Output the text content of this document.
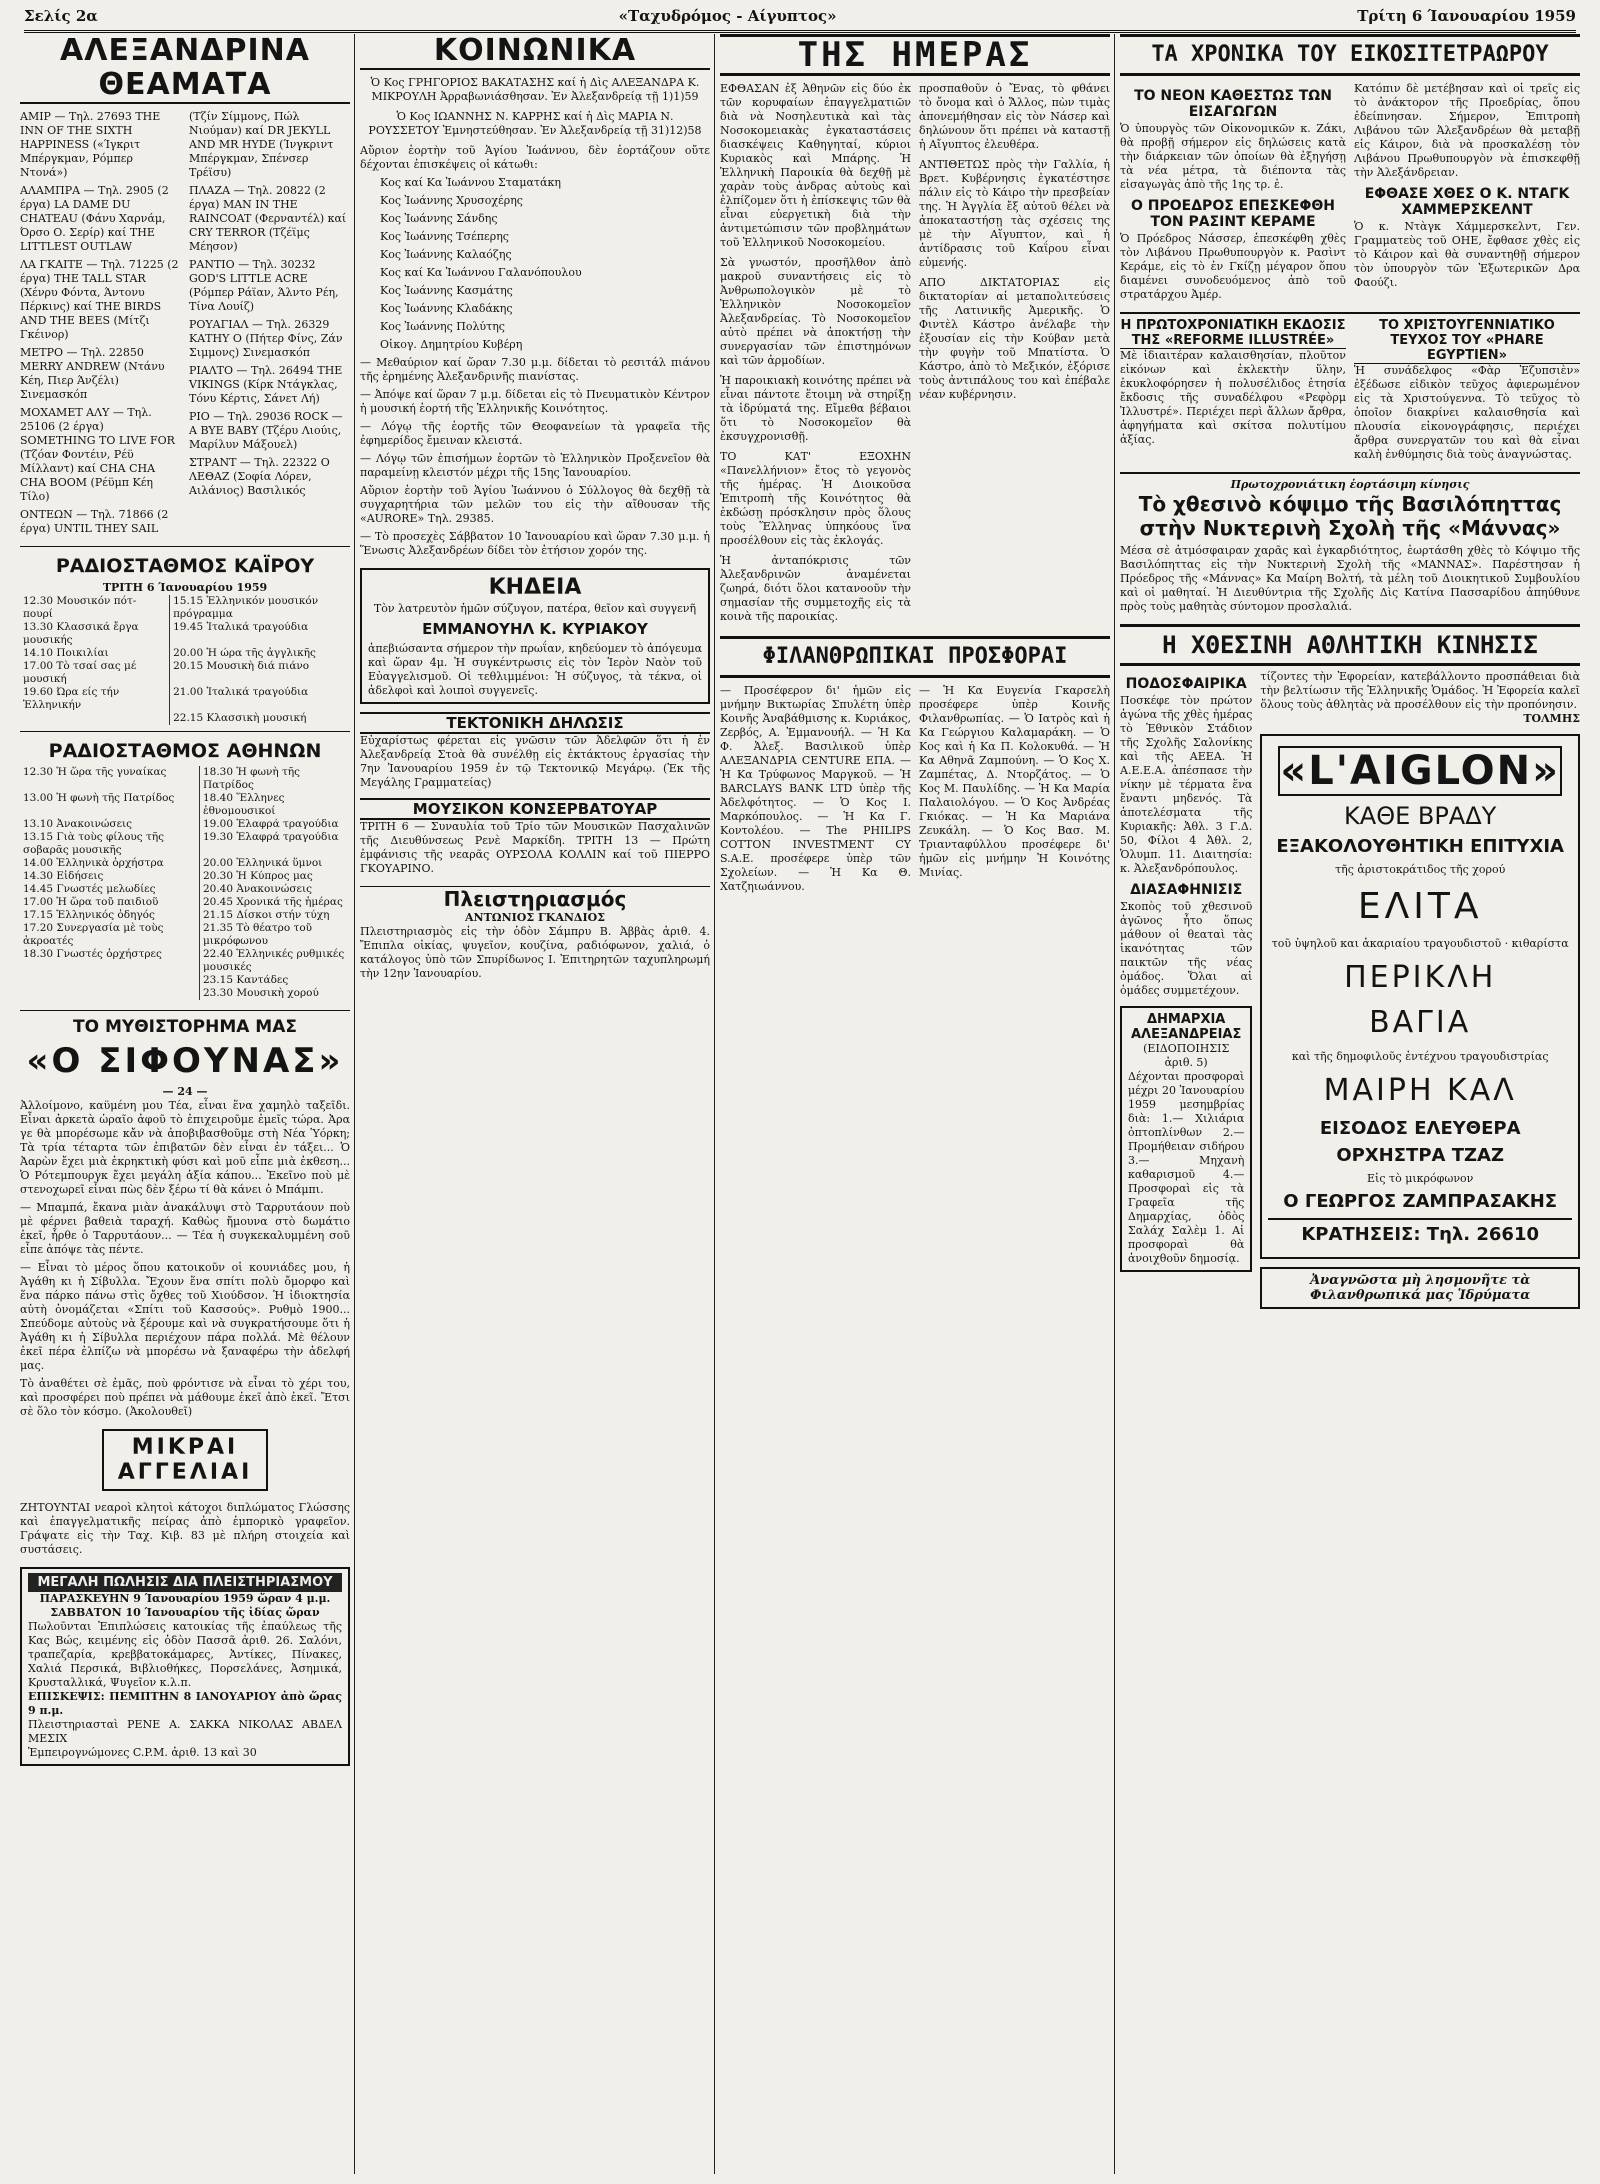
Σελίς 2α	«Ταχυδρόμος - Αίγυπτος»	Τρίτη 6 Ίανουαρίου 1959
ΑΛΕΞΑΝΔΡΙΝΑ ΘΕΑΜΑΤΑ
ΑΜΙΡ — Τηλ. 27693 THE INN OF THE SIXTH HAPPINESS («Ίγκριτ Μπέργκμαν, Ρόμπερ Ντονά»)
ΑΛΑΜΠΡΑ — Τηλ. 2905 (2 έργα) LA DAME DU CHATEAU (Φάνυ Χαρνάμ, Όρσο Ο. Σερίρ) καί THE LITTLEST OUTLAW
ΛΑ ΓΚΑΙΤΕ — Τηλ. 71225 (2 έργα) THE TALL STAR (Χένρυ Φόντα, Άντονυ Πέρκινς) καί THE BIRDS AND THE BEES (Μίτζι Γκέινορ)
ΜΕΤΡΟ — Τηλ. 22850 MERRY ANDREW (Ντάνυ Κέη, Πιερ Άνζέλι) Σινεμασκόπ
ΜΟΧΑΜΕΤ ΑΛΥ — Τηλ. 25106 (2 έργα) SOMETHING TO LIVE FOR (Τζόαν Φοντέιν, Ρέϋ Μίλλαντ) καί CHA CHA CHA BOOM (Ρέϋμπ Κέη Τίλο)
ΟΝΤΕΩΝ — Τηλ. 71866 (2 έργα) UNTIL THEY SAIL
(Τζίν Σίμμονς, Πώλ Νιούμαν) καί DR JEKYLL AND MR HYDE (Ίνγκριντ Μπέργκμαν, Σπένσερ Τρέϊσυ)
ΠΛΑΖΑ — Τηλ. 20822 (2 έργα) MAN IN THE RAINCOAT (Φερναντέλ) καί CRY TERROR (Τζέϊμς Μέησον)
ΡΑΝΤΙΟ — Τηλ. 30232 GOD'S LITTLE ACRE (Ρόμπερ Ράϊαν, Άλντο Ρέη, Τίνα Λουίζ)
ΡΟΥΑΓΙΑΛ — Τηλ. 26329 ΚΑΤΗΥ Ο (Πήτερ Φίνς, Ζάν Σιμμονς) Σινεμασκόπ
ΡΙΑΛΤΟ — Τηλ. 26494 THE VIKINGS (Κίρκ Ντάγκλας, Τόνυ Κέρτις, Σάνετ Λή)
ΡΙΟ — Τηλ. 29036 ROCK — A BYE BABY (Τζέρυ Λιούις, Μαρίλυν Μάξουελ)
ΣΤΡΑΝΤ — Τηλ. 22322 Ο ΛΕΘΑΖ (Σοφία Λόρεν, Αιλάνιος) Βασιλικός
ΡΑΔΙΟΣΤΑΘΜΟΣ ΚΑΪΡΟΥ
ΤΡΙΤΗ 6 Ίανουαρίου 1959
12.30 Μουσικόν πότ-πουρί	15.15 Ἑλληνικόν μουσικόν πρόγραμμα
13.30 Κλασσικά ἔργα μουσικής	19.45 Ἰταλικά τραγούδια
14.10 Ποικιλίαι	20.00 Ἡ ώρα τῆς ἀγγλικῆς
17.00 Τὸ τσαί σας μέ μουσική	20.15 Μουσικὴ διά πιάνο
19.60 Ώρα είς τήν Ἑλληνικήν	21.00 Ἰταλικά τραγούδια
	22.15 Κλασσικὴ μουσική
ΡΑΔΙΟΣΤΑΘΜΟΣ ΑΘΗΝΩΝ
12.30 Ἡ ὥρα τῆς γυναίκας	18.30 Ἡ φωνὴ τῆς Πατρίδος
13.00 Ἡ φωνὴ τῆς Πατρίδος	18.40 Ἕλληνες ἐθνομουσικοί
13.10 Ἀνακοινώσεις	19.00 Ἐλαφρά τραγούδια
13.15 Γιὰ τοὺς φίλους τῆς σοβαρᾶς μουσικῆς	19.30 Ἐλαφρά τραγούδια
14.00 Ἑλληνικὰ ὀρχήστρα	20.00 Ἑλληνικά ὕμνοι
14.30 Εἰδήσεις	20.30 Ἡ Κύπρος μας
14.45 Γνωστές μελωδίες	20.40 Ἀνακοινώσεις
17.00 Ἡ ὥρα τοῦ παιδιοῦ	20.45 Χρονικά τῆς ἡμέρας
17.15 Ἑλληνικός ὀδηγός	21.15 Δίσκοι στήν τύχη
17.20 Συνεργασία μὲ τοὺς ἀκροατές	21.35 Τὸ θέατρο τοῦ μικρόφωνου
18.30 Γνωστές ὀρχήστρες	22.40 Ἑλληνικές ρυθμικές μουσικές
	23.15 Καντάδες
	23.30 Μουσικὴ χορού
ΤΟ ΜΥΘΙΣΤΟΡΗΜΑ ΜΑΣ
«Ο ΣΙΦΟΥΝΑΣ»
— 24 —
Ἀλλοίμονο, καϋμένη μου Τέα, εἶναι ἕνα χαμηλὸ ταξεῖδι. Εἶναι ἀρκετὰ ὡραῖο ἀφοῦ τὸ ἐπιχειροῦμε ἐμεῖς τώρα. Ἀρα γε θὰ μπορέσωμε κἄν νὰ ἀποβιβασθοῦμε στὴ Νέα Ὑόρκη; Τὰ τρία τέταρτα τῶν ἐπιβατῶν δὲν εἶναι ἐν τάξει... Ὁ Ἀαρὼν ἔχει μιὰ ἐκρηκτικὴ φύσι καὶ μοῦ εἶπε μιὰ ἐκθεση... Ὁ Ρότεμπουργκ ἔχει μεγάλη ἀξία κάπου... Ἐκεῖνο ποὺ μὲ στενοχωρεῖ εἶναι πὼς δὲν ξέρω τί θὰ κάνει ὁ Μπάμπι.
— Μπαμπά, ἔκανα μιὰν ἀνακάλυψι στὸ Ταρρυτάουν ποὺ μὲ φέρνει βαθειὰ ταραχή. Καθὼς ἤμουνα στὸ δωμάτιο ἐκεῖ, ἦρθε ὁ Ταρρυτάουν... — Τέα ἡ συγκεκαλυμμένη σοῦ εἶπε ἀπόψε τὰς πέντε.
— Εἶναι τὸ μέρος ὅπου κατοικοῦν οἱ κουνιάδες μου, ἡ Ἀγάθη κι ἡ Σίβυλλα. Ἔχουν ἕνα σπίτι πολὺ ὄμορφο καὶ ἕνα πάρκο πάνω στὶς ὄχθες τοῦ Χιούδσον. Ἡ ἰδιοκτησία αὐτὴ ὀνομάζεται «Σπίτι τοῦ Κασσούς». Ρυθμὸ 1900... Σπεύδομε αὐτοὺς νὰ ξέρουμε καὶ νὰ συγκρατήσουμε ὅτι ἡ Ἀγάθη κι ἡ Σίβυλλα περιέχουν πάρα πολλά. Μὲ θέλουν ἐκεῖ πέρα ἐλπίζω νὰ μπορέσω νὰ ξαναφέρω τὴν ἀδελφή μας.
Τὸ ἀναθέτει σὲ ἐμᾶς, ποὺ φρόντισε νὰ εἶναι τὸ χέρι του, καὶ προσφέρει ποὺ πρέπει νὰ μάθουμε ἐκεῖ ἀπὸ ἐκεῖ. Ἔτσι σὲ ὅλο τὸν κόσμο. (Ἀκολουθεῖ)
ΜΙΚΡΑΙ ΑΓΓΕΛΙΑΙ
ΖΗΤΟΥΝΤΑΙ νεαροὶ κλητοὶ κάτοχοι διπλώματος Γλώσσης καὶ ἐπαγγελματικῆς πείρας ἀπὸ ἐμπορικὸ γραφεῖον. Γράψατε εἰς τὴν Ταχ. Κιβ. 83 μὲ πλήρη στοιχεία καὶ συστάσεις.
ΜΕΓΑΛΗ ΠΩΛΗΣΙΣ ΔΙΑ ΠΛΕΙΣΤΗΡΙΑΣΜΟΥ
ΠΑΡΑΣΚΕΥΗΝ 9 Ίανουαρίου 1959 ὥραν 4 μ.μ.
ΣΑΒΒΑΤΟΝ 10 Ίανουαρίου τῆς ἰδίας ὥραν
Πωλοῦνται Ἐπιπλώσεις κατοικίας τῆς ἐπαύλεως τῆς Κας Βώς, κειμένης εἰς ὁδὸν Πασσᾶ ἀριθ. 26. Σαλόνι, τραπεζαρία, κρεββατοκάμαρες, Ἀντίκες, Πίνακες, Χαλιά Περσικά, Βιβλιοθήκες, Πορσελάνες, Ἀσημικά, Κρυσταλλικά, Ψυγεῖον κ.λ.π.
ΕΠΙΣΚΕΨΙΣ: ΠΕΜΠΤΗΝ 8 ΙΑΝΟΥΑΡΙΟΥ ἀπὸ ὥρας 9 π.μ.
Πλειστηριασταὶ ΡΕΝΕ Α. ΣΑΚΚΑ ΝΙΚΟΛΑΣ ΑΒΔΕΛ ΜΕΣΙΧ
Ἐμπειρογνώμονες C.P.M. ἀριθ. 13 καὶ 30
ΚΟΙΝΩΝΙΚΑ
Ὁ Κος ΓΡΗΓΟΡΙΟΣ ΒΑΚΑΤΑΣΗΣ καί ἡ Δὶς ΑΛΕΞΑΝΔΡΑ Κ. ΜΙΚΡΟΥΛΗ Ἀρραβωνιάσθησαν. Ἐν Ἀλεξανδρείᾳ τῇ 1)1)59
Ὁ Κος ΙΩΑΝΝΗΣ Ν. ΚΑΡΡΗΣ καί ἡ Δὶς ΜΑΡΙΑ Ν. ΡΟΥΣΣΕΤΟΥ Ἐμνηστεύθησαν. Ἐν Ἀλεξανδρείᾳ τῇ 31)12)58
Αὔριον ἑορτὴν τοῦ Ἁγίου Ἰωάννου, δὲν ἑορτάζουν οὔτε δέχονται ἐπισκέψεις οἱ κάτωθι:
Κος καί Κα Ἰωάννου Σταματάκη
Κος Ἰωάννης Χρυσοχέρης
Κος Ἰωάννης Σάνδης
Κος Ἰωάννης Τσέπερης
Κος Ἰωάννης Καλαόζης
Κος καί Κα Ἰωάννου Γαλανόπουλου
Κος Ἰωάννης Κασμάτης
Κος Ἰωάννης Κλαδάκης
Κος Ἰωάννης Πολύτης
Οἰκογ. Δημητρίου Κυβέρη
— Μεθαύριον καί ὥραν 7.30 μ.μ. δίδεται τὸ ρεσιτάλ πιάνου τῆς ἐρημένης Ἀλεξανδρινῆς πιανίστας.
— Ἀπόψε καί ὥραν 7 μ.μ. δίδεται εἰς τὸ Πνευματικὸν Κέντρον ἡ μουσική ἑορτή τῆς Ἑλληνικῆς Κοινότητος.
— Λόγῳ τῆς ἑορτῆς τῶν Θεοφανείων τὰ γραφεῖα τῆς ἐφημερίδος ἔμειναν κλειστά.
— Λόγῳ τῶν ἐπισήμων ἑορτῶν τὸ Ἑλληνικὸν Προξενεῖον θὰ παραμείνῃ κλειστόν μέχρι τῆς 15ης Ἰανουαρίου.
Αὔριον ἑορτὴν τοῦ Ἁγίου Ἰωάννου ὁ Σύλλογος θὰ δεχθῇ τὰ συγχαρητήρια τῶν μελῶν του εἰς τὴν αἴθουσαν τῆς «AURORE» Τηλ. 29385.
— Τὸ προσεχὲς Σάββατον 10 Ἰανουαρίου καὶ ὥραν 7.30 μ.μ. ἡ Ἕνωσις Ἀλεξανδρέων δίδει τὸν ἐτήσιον χορόν της.
ΚΗΔΕΙΑ
Τὸν λατρευτὸν ἡμῶν σύζυγον, πατέρα, θεῖον καὶ συγγενῆ
ΕΜΜΑΝΟΥΗΛ Κ. ΚΥΡΙΑΚΟΥ
ἀπεβιώσαντα σήμερον τὴν πρωΐαν, κηδεύομεν τὸ ἀπόγευμα καὶ ὥραν 4μ. Ἡ συγκέντρωσις εἰς τὸν Ἱερὸν Ναὸν τοῦ Εὐαγγελισμοῦ. Οἱ τεθλιμμένοι: Ἡ σύζυγος, τὰ τέκνα, οἱ ἀδελφοὶ καὶ λοιποὶ συγγενεῖς.
ΤΕΚΤΟΝΙΚΗ ΔΗΛΩΣΙΣ
Εὐχαρίστως φέρεται εἰς γνῶσιν τῶν Ἀδελφῶν ὅτι ἡ ἐν Ἀλεξανδρείᾳ Στοὰ θὰ συνέλθῃ εἰς ἐκτάκτους ἐργασίας τὴν 7ην Ἰανουαρίου 1959 ἐν τῷ Τεκτονικῷ Μεγάρῳ. (Ἐκ τῆς Μεγάλης Γραμματείας)
ΜΟΥΣΙΚΟΝ ΚΟΝΣΕΡΒΑΤΟΥΑΡ
ΤΡΙΤΗ 6 — Συναυλία τοῦ Τρίο τῶν Μουσικῶν Πασχαλινῶν τῆς Διευθύνσεως Ρενὲ Μαρκίδη. ΤΡΙΤΗ 13 — Πρώτη ἐμφάνισις τῆς νεαρᾶς ΟΥΡΣΟΛΑ ΚΟΛΛΙΝ καί τοῦ ΠΙΕΡΡΟ ΓΚΟΥΑΡΙΝΟ.
Πλειστηριασμός
ΑΝΤΩΝΙΟΣ ΓΚΑΝΔΙΟΣ
Πλειστηριασμὸς εἰς τὴν ὁδὸν Σάμπρυ Β. Ἀββὰς ἀριθ. 4. Ἔπιπλα οἰκίας, ψυγεῖον, κουζίνα, ραδιόφωνον, χαλιά, ὁ κατάλογος ὑπὸ τῶν Σπυρίδωνος Ι. Ἐπιτηρητῶν ταχυπληρωμή τὴν 12ην Ἰανουαρίου.
ΤΗΣ ΗΜΕΡΑΣ
ΕΦΘΑΣΑΝ ἐξ Ἀθηνῶν εἰς δύο ἐκ τῶν κορυφαίων ἐπαγγελματιῶν διὰ νὰ Νοσηλευτικὰ καὶ τὰς Νοσοκομειακὰς ἐγκαταστάσεις διασκέψεις Καθηγηταί, κύριοι Κυριακὸς καὶ Μπάρης. Ἡ Ἑλληνικὴ Παροικία θὰ δεχθῇ μὲ χαρὰν τοὺς ἀνδρας αὐτοὺς καὶ ἐλπίζομεν ὅτι ἡ ἐπίσκεψις τῶν θὰ εἶναι εὐεργετικὴ διὰ τὴν ἀντιμετώπισιν τῶν προβλημάτων τοῦ Ἑλληνικοῦ Νοσοκομείου.
Σὰ γνωστόν, προσῆλθον ἀπὸ μακροῦ συναντήσεις εἰς τὸ Ἀνθρωπολογικὸν μὲ τὸ Ἑλληνικὸν Νοσοκομεῖον Ἀλεξανδρείας. Τὸ Νοσοκομεῖον αὐτὸ πρέπει νὰ ἀποκτήσῃ τὴν συνεργασίαν τῶν ἐπιστημόνων καὶ τῶν ἀρμοδίων.
Ἡ παροικιακὴ κοινότης πρέπει νὰ εἶναι πάντοτε ἕτοιμη νὰ στηρίξῃ τὰ ἱδρύματά της. Εἴμεθα βέβαιοι ὅτι τὸ Νοσοκομεῖον θὰ ἐκσυγχρονισθῇ.
ΤΟ ΚΑΤ' ΕΞΟΧΗΝ «Πανελλήνιον» ἔτος τὸ γεγονὸς τῆς ἡμέρας. Ἡ Διοικοῦσα Ἐπιτροπὴ τῆς Κοινότητος θὰ ἐκδώσῃ πρόσκλησιν πρὸς ὅλους τοὺς Ἕλληνας ὑπηκόους ἵνα προσέλθουν εἰς τὰς ἐκλογάς.
Ἡ ἀνταπόκρισις τῶν Ἀλεξανδρινῶν ἀναμένεται ζωηρά, διότι ὅλοι κατανοοῦν τὴν σημασίαν τῆς συμμετοχῆς εἰς τὰ κοινὰ τῆς παροικίας.
προσπαθοῦν ὁ Ἔνας, τὸ φθάνει τὸ ὄνομα καὶ ὁ Ἄλλος, πὼν τιμὰς ἀπονεμήθησαν εἰς τὸν Νάσερ καὶ δηλώνουν ὅτι πρέπει νὰ καταστῇ ἡ Αἴγυπτος ἐλευθέρα.
ΑΝΤΙΘΕΤΩΣ πρὸς τὴν Γαλλία, ἡ Βρετ. Κυβέρνησις ἐγκατέστησε πάλιν εἰς τὸ Κάιρο τὴν πρεσβείαν της. Ἡ Ἀγγλία ἔξ αὐτοῦ θέλει νὰ ἀποκαταστήσῃ τὰς σχέσεις της μὲ τὴν Αἴγυπτον, καὶ ἡ ἀντίδρασις τοῦ Καΐρου εἶναι εὐμενής.
ΑΠΟ ΔΙΚΤΑΤΟΡΙΑΣ εἰς δικτατορίαν αἱ μεταπολιτεύσεις τῆς Λατινικῆς Ἀμερικῆς. Ὁ Φιντὲλ Κάστρο ἀνέλαβε τὴν ἐξουσίαν εἰς τὴν Κούβαν μετὰ τὴν φυγὴν τοῦ Μπατίστα. Ὁ Κάστρο, ἀπὸ τὸ Μεξικόν, ἐξόρισε τοὺς ἀντιπάλους του καὶ ἐπέβαλε νέαν κυβέρνησιν.
ΦΙΛΑΝΘΡΩΠΙΚΑΙ ΠΡΟΣΦΟΡΑΙ
— Προσέφερον δι' ἡμῶν εἰς μνήμην Βικτωρίας Σπυλέτη ὑπὲρ Κοινῆς Ἀναβάθμισης κ. Κυριάκος, Ζερβός, Α. Ἐμμανουήλ. — Ἡ Κα Φ. Ἀλεξ. Βασιλικοῦ ὑπὲρ ΑΛΕΞΑΝΔΡΙΑ CENTURE ΕΠΑ. — Ἡ Κα Τρύφωνος Μαργκοῦ. — Ἡ BARCLAYS BANK LTD ὑπὲρ τῆς Ἀδελφότητος. — Ὁ Κος Ι. Μαρκόπουλος. — Ἡ Κα Γ. Κοντολέου. — The PHILIPS COTTON INVESTMENT CY S.A.E. προσέφερε ὑπὲρ τῶν Σχολείων. — Ἡ Κα Θ. Χατζηιωάννου.
— Ἡ Κα Ευγενία Γκαρσελὴ προσέφερε ὑπὲρ Κοινῆς Φιλανθρωπίας. — Ὁ Ιατρὸς καὶ ἡ Κα Γεώργιου Καλαμαράκη. — Ὁ Κος καὶ ἡ Κα Π. Κολοκυθά. — Ἡ Κα Αθηνᾶ Ζαμπούνη. — Ὁ Κος Χ. Ζαμπέτας, Δ. Ντορζάτος. — Ὁ Κος Μ. Παυλίδης. — Ἡ Κα Μαρία Παλαιολόγου. — Ὁ Κος Ἀνδρέας Γκιόκας. — Ἡ Κα Μαριάνα Ζευκάλη. — Ὁ Κος Βασ. Μ. Τριανταφύλλου προσέφερε δι' ἡμῶν εἰς μνήμην Ἡ Κοινότης Μινίας.
ΤΑ ΧΡΟΝΙΚΑ ΤΟΥ ΕΙΚΟΣΙΤΕΤΡΑΩΡΟΥ
ΤΟ ΝΕΟΝ ΚΑΘΕΣΤΩΣ ΤΩΝ ΕΙΣΑΓΩΓΩΝ
Ὁ ὑπουργὸς τῶν Οἰκονομικῶν κ. Ζάκι, θὰ προβῇ σήμερον εἰς δηλώσεις κατὰ τὴν διάρκειαν τῶν ὁποίων θὰ ἐξηγήσῃ τὰ νέα μέτρα, τὰ διέποντα τὰς εἰσαγωγὰς ἀπὸ τῆς 1ης τρ. ἐ.
Ο ΠΡΟΕΔΡΟΣ ΕΠΕΣΚΕΦΘΗ ΤΟΝ ΡΑΣΙΝΤ ΚΕΡΑΜΕ
Ὁ Πρόεδρος Νάσσερ, ἐπεσκέφθη χθὲς τὸν Λιβάνου Πρωθυπουργὸν κ. Ρασὶντ Κεράμε, εἰς τὸ ἐν Γκίζῃ μέγαρον ὅπου διαμένει συνοδευόμενος ἀπὸ τοῦ στρατάρχου Ἀμέρ.
Κατόπιν δὲ μετέβησαν καὶ οἱ τρεῖς εἰς τὸ ἀνάκτορον τῆς Προεδρίας, ὅπου ἐδείπνησαν. Σήμερον, Ἐπιτροπὴ Λιβάνου τῶν Ἀλεξανδρέων θὰ μεταβῇ εἰς Κάιρον, διὰ νὰ προσκαλέσῃ τὸν Λιβάνου Πρωθυπουργὸν νὰ ἐπισκεφθῇ τὴν Ἀλεξάνδρειαν.
ΕΦΘΑΣΕ ΧΘΕΣ Ο Κ. ΝΤΑΓΚ ΧΑΜΜΕΡΣΚΕΛΝΤ
Ὁ κ. Ντὰγκ Χάμμερσκελντ, Γεν. Γραμματεὺς τοῦ ΟΗΕ, ἔφθασε χθὲς εἰς τὸ Κάιρον καὶ θὰ συναντηθῇ σήμερον τὸν ὑπουργὸν τῶν Ἐξωτερικῶν Δρα Φαούζι.
Η ΠΡΩΤΟΧΡΟΝΙΑΤΙΚΗ ΕΚΔΟΣΙΣ ΤΗΣ «REFORME ILLUSTRÉE»
Μὲ ἰδιαιτέραν καλαισθησίαν, πλοῦτον εἰκόνων καὶ ἐκλεκτὴν ὕλην, ἐκυκλοφόρησεν ἡ πολυσέλιδος ἐτησία ἔκδοσις τῆς συναδέλφου «Ρεφὸρμ Ἰλλυστρέ». Περιέχει περὶ ἄλλων ἄρθρα, ἀφηγήματα καὶ σκίτσα πολυτίμου ἀξίας.
ΤΟ ΧΡΙΣΤΟΥΓΕΝΝΙΑΤΙΚΟ ΤΕΥΧΟΣ ΤΟΥ «PHARE EGYPTIEN»
Ἡ συνάδελφος «Φὰρ Ἐζυπσιὲν» ἐξέδωσε εἰδικὸν τεῦχος ἀφιερωμένον εἰς τὰ Χριστούγεννα. Τὸ τεῦχος τὸ ὁποῖον διακρίνει καλαισθησία καὶ πλουσία εἰκονογράφησις, περιέχει ἄρθρα συνεργατῶν του καὶ θὰ εἶναι καλὴ ἐνθύμησις διὰ τοὺς ἀναγνώστας.
Πρωτοχρονιάτικη ἑορτάσιμη κίνησις
Τὸ χθεσινὸ κόψιμο τῆς Βασιλόπηττας στὴν Νυκτερινὴ Σχολὴ τῆς «Μάννας»
Μέσα σὲ ἀτμόσφαιραν χαρᾶς καὶ ἐγκαρδιότητος, ἑωρτάσθη χθὲς τὸ Κόψιμο τῆς Βασιλόπηττας εἰς τὴν Νυκτερινὴ Σχολὴ τῆς «ΜΑΝΝΑΣ». Παρέστησαν ἡ Πρόεδρος τῆς «Μάννας» Κα Μαίρη Βολτή, τὰ μέλη τοῦ Διοικητικοῦ Συμβουλίου καὶ οἱ μαθηταί. Ἡ Διευθύντρια τῆς Σχολῆς Δὶς Κατίνα Πασσαρίδου ἀπηύθυνε πρὸς τοὺς μαθητὰς σύντομον προσλαλιά.
Η ΧΘΕΣΙΝΗ ΑΘΛΗΤΙΚΗ ΚΙΝΗΣΙΣ
ΠΟΔΟΣΦΑΙΡΙΚΑ
Ποσκέφε τὸν πρώτον ἀγώνα τῆς χθὲς ἡμέρας τὸ Ἐθνικὸν Στάδιον τῆς Σχολῆς Σαλονίκης καὶ τῆς ΑΕΕΑ. Ἡ Α.Ε.Ε.Α. ἀπέσπασε τὴν νίκην μὲ τέρματα ἕνα ἔναντι μηδενός. Τὰ ἀποτελέσματα τῆς Κυριακῆς: Ἀθλ. 3 Γ.Δ. 50, Φίλοι 4 Ἀθλ. 2, Ὁλυμπ. 11. Διαιτησία: κ. Ἀλεξανδρόπουλος.
ΔΙΑΣΑΦΗΝΙΣΙΣ
Σκοπὸς τοῦ χθεσινοῦ ἀγῶνος ἦτο ὅπως μάθουν οἱ θεαταὶ τὰς ἱκανότητας τῶν παικτῶν τῆς νέας ὁμάδος. Ὅλαι αἱ ὁμάδες συμμετέχουν.
ΔΗΜΑΡΧΙΑ ΑΛΕΞΑΝΔΡΕΙΑΣ
(ΕΙΔΟΠΟΙΗΣΙΣ ἀριθ. 5)
Δέχονται προσφοραὶ μέχρι 20 Ἰανουαρίου 1959 μεσημβρίας διὰ: 1.— Χιλιάρια ὀπτοπλίνθων 2.— Προμήθειαν σιδήρου 3.— Μηχανὴ καθαρισμοῦ 4.— Προσφοραὶ εἰς τὰ Γραφεῖα τῆς Δημαρχίας, ὁδὸς Σαλάχ Σαλὲμ 1. Αἱ προσφοραὶ θὰ ἀνοιχθοῦν δημοσίᾳ.
τίζοντες τὴν Ἐφορείαν, κατεβάλλοντο προσπάθειαι διὰ τὴν βελτίωσιν τῆς Ἑλληνικῆς Ὁμάδος. Ἡ Ἐφορεία καλεῖ ὅλους τοὺς ἀθλητὰς νὰ προσέλθουν εἰς τὴν προπόνησιν.
ΤΟΛΜΗΣ
«L'AIGLON»
ΚΑΘΕ ΒΡΑΔΥ
ΕΞΑΚΟΛΟΥΘΗΤΙΚΗ ΕΠΙΤΥΧΙΑ
τῆς ἀριστοκράτιδος τῆς χορού
ΕΛΙΤΑ
τοῦ ὑψηλοῦ και ἀκαριαίου τραγουδιστοῦ · κιθαρίστα
ΠΕΡΙΚΛΗ
ΒΑΓΙΑ
καὶ τῆς δημοφιλοῦς ἐντέχνου τραγουδιστρίας
ΜΑΙΡΗ ΚΑΛ
ΕΙΣΟΔΟΣ ΕΛΕΥΘΕΡΑ
ΟΡΧΗΣΤΡΑ ΤΖΑΖ
Εἰς τὸ μικρόφωνον
Ο ΓΕΩΡΓΟΣ ΖΑΜΠΡΑΣΑΚΗΣ
ΚΡΑΤΗΣΕΙΣ: Τηλ. 26610
Ἀναγνῶστα μὴ λησμονῆτε τὰ Φιλανθρωπικά μας Ἱδρύματα
